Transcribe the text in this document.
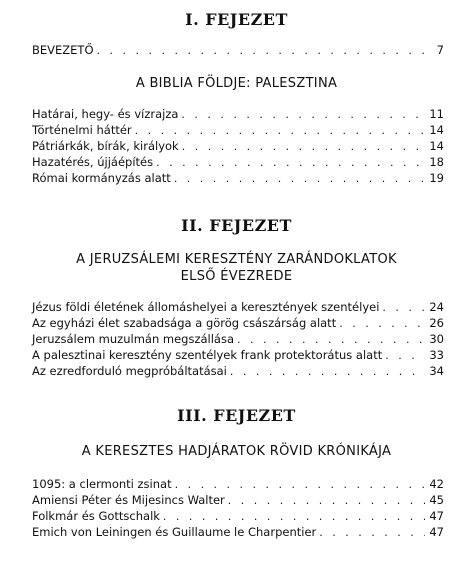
I. FEJEZET
BEVEZETŐ . . .	7
A BIBLIA FÖLDJE: PALESZTINA
Határai, hegy- és vízrajza . . .	11
Történelmi háttér . . .	14
Pátriárkák, bírák, királyok . . .	14
Hazatérés, újjáépítés . . .	18
Római kormányzás alatt . . .	19
II. FEJEZET
A JERUZSÁLEMI KERESZTÉNY ZARÁNDOKLATOK
ELSŐ ÉVEZREDE
Jézus földi életének állomáshelyei a keresztények szentélyei . . .	24
Az egyházi élet szabadsága a görög császárság alatt . . .	26
Jeruzsálem muzulmán megszállása . . .	30
A palesztinai keresztény szentélyek frank protektorátus alatt . . .	33
Az ezredforduló megpróbáltatásai . . .	34
III. FEJEZET
A KERESZTES HADJÁRATOK RÖVID KRÓNIKÁJA
1095: a clermonti zsinat . . .	42
Amiensi Péter és Mijesincs Walter . . .	45
Folkmár és Gottschalk . . .	47
Emich von Leiningen és Guillaume le Charpentier . . .	47
